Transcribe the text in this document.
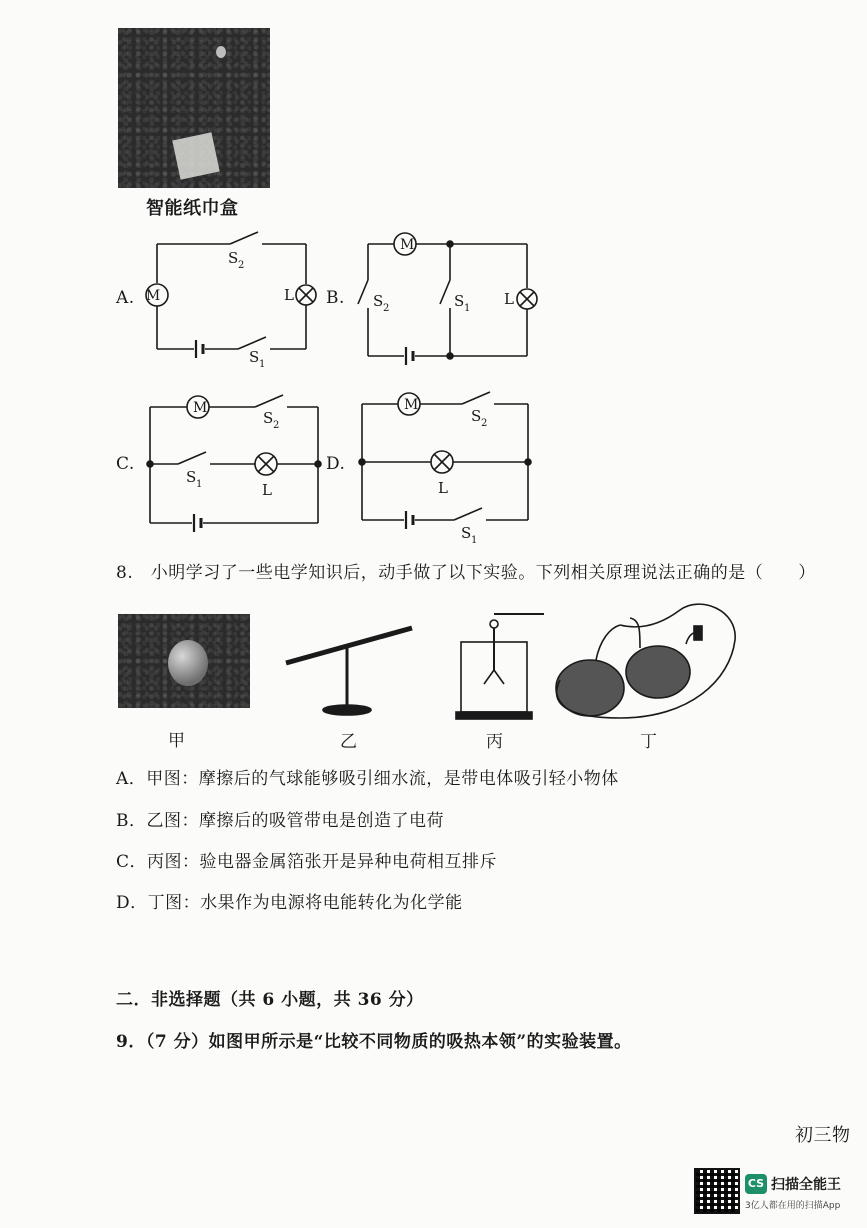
智能纸巾盒
A.	B.
C.	D.
M
S 2
L
S 1
M
S 2	S 1
L
M
S 2
S 1	L
M
S 2
L
S 1
8.　小明学习了一些电学知识后，动手做了以下实验。下列相关原理说法正确的是（　　）
甲	乙	丙	丁
A．甲图：摩擦后的气球能够吸引细水流，是带电体吸引轻小物体
B．乙图：摩擦后的吸管带电是创造了电荷
C．丙图：验电器金属箔张开是异种电荷相互排斥
D．丁图：水果作为电源将电能转化为化学能
二．非选择题（共 6 小题，共 36 分）
9．（7 分）如图甲所示是“比较不同物质的吸热本领”的实验装置。
初三物
CS 扫描全能王
3亿人都在用的扫描App
